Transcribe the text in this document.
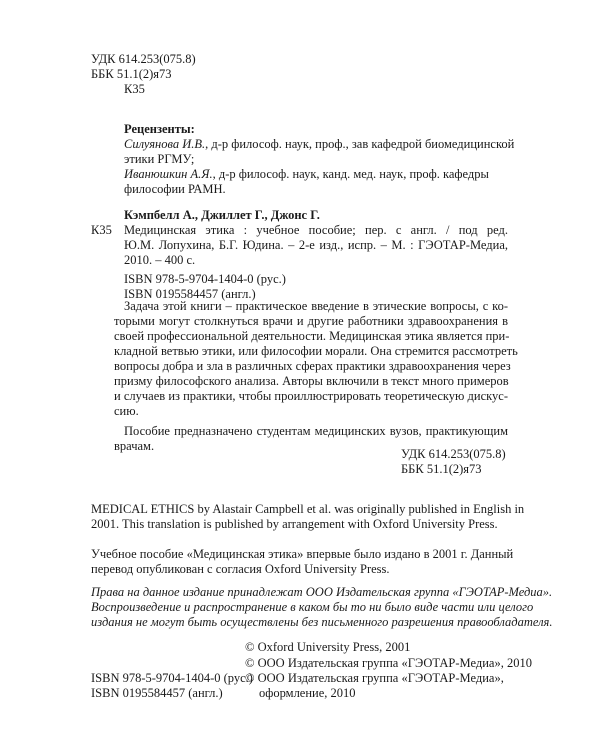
УДК 614.253(075.8)
ББК 51.1(2)я73
К35
Рецензенты:
Силуянова И.В., д-р философ. наук, проф., зав кафедрой биомедицинской
этики РГМУ;
Иванюшкин А.Я., д-р философ. наук, канд. мед. наук, проф. кафедры
философии РАМН.
Кэмпбелл А., Джиллет Г., Джонс Г.
К35 Медицинская этика : учебное пособие; пер. с англ. / под ред.
Ю.М. Лопухина, Б.Г. Юдина. – 2-е изд., испр. – М. : ГЭОТАР-Медиа,
2010. – 400 с.
ISBN 978-5-9704-1404-0 (рус.)
ISBN 0195584457 (англ.)
Задача этой книги – практическое введение в этические вопросы, с ко-
торыми могут столкнуться врачи и другие работники здравоохранения в
своей профессиональной деятельности. Медицинская этика является при-
кладной ветвью этики, или философии морали. Она стремится рассмотреть
вопросы добра и зла в различных сферах практики здравоохранения через
призму философского анализа. Авторы включили в текст много примеров
и случаев из практики, чтобы проиллюстрировать теоретическую дискус-
сию.
Пособие предназначено студентам медицинских вузов, практикующим
врачам.
УДК 614.253(075.8)
ББК 51.1(2)я73
MEDICAL ETHICS by Alastair Campbell et al. was originally published in English in
2001. This translation is published by arrangement with Oxford University Press.
Учебное пособие «Медицинская этика» впервые было издано в 2001 г. Данный
перевод опубликован с согласия Oxford University Press.
Права на данное издание принадлежат ООО Издательская группа «ГЭОТАР-Медиа».
Воспроизведение и распространение в каком бы то ни было виде части или целого
издания не могут быть осуществлены без письменного разрешения правообладателя.
© Oxford University Press, 2001
© ООО Издательская группа «ГЭОТАР-Медиа», 2010
ISBN 978-5-9704-1404-0 (рус.)
© ООО Издательская группа «ГЭОТАР-Медиа»,
ISBN 0195584457 (англ.)	оформление, 2010
